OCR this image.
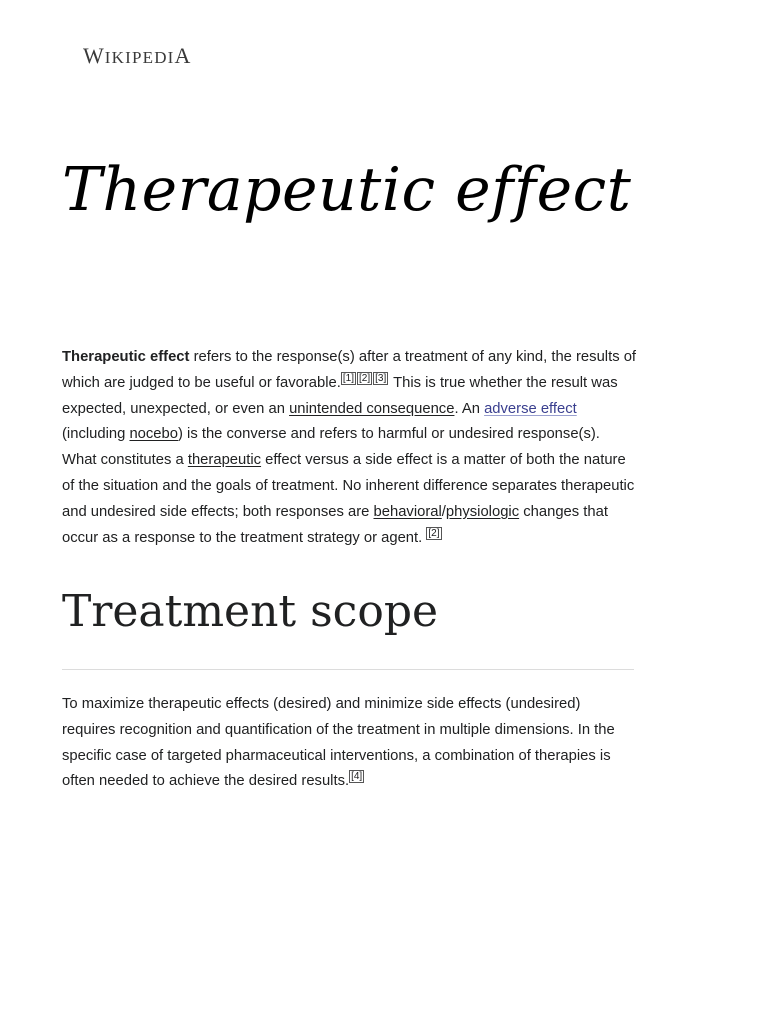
WIKIPEDIA
Therapeutic effect

Therapeutic effect refers to the response(s) after a treatment of any kind, the results of which are judged to be useful or favorable. [1] [2] [3] This is true whether the result was expected, unexpected, or even an unintended consequence. An adverse effect (including nocebo) is the converse and refers to harmful or undesired response(s). What constitutes a therapeutic effect versus a side effect is a matter of both the nature of the situation and the goals of treatment. No inherent difference separates therapeutic and undesired side effects; both responses are behavioral/physiologic changes that occur as a response to the treatment strategy or agent. [2]

Treatment scope

To maximize therapeutic effects (desired) and minimize side effects (undesired) requires recognition and quantification of the treatment in multiple dimensions. In the specific case of targeted pharmaceutical interventions, a combination of therapies is often needed to achieve the desired results. [4]
